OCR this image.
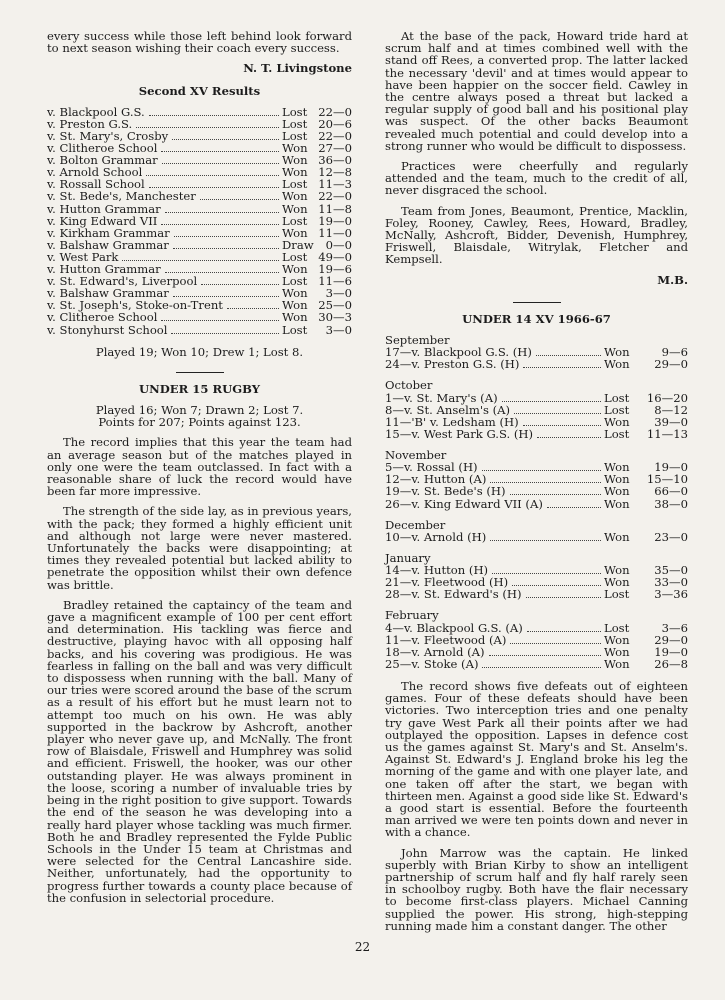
every success while those left behind look forward to next season wishing their coach every success.

N. T. Livingstone

Second XV Results

v. Blackpool G.S.	Lost 22—0
v. Preston G.S.	Lost 20—6
v. St. Mary's, Crosby	Lost 22—0
v. Clitheroe School	Won 27—0
v. Bolton Grammar	Won 36—0
v. Arnold School	Won 12—8
v. Rossall School	Lost 11—3
v. St. Bede's, Manchester	Won 22—0
v. Hutton Grammar	Won 11—8
v. King Edward VII	Lost 19—0
v. Kirkham Grammar	Won 11—0
v. Balshaw Grammar	Draw	0—0
v. West Park	Lost 49—0
v. Hutton Grammar	Won 19—6
v. St. Edward's, Liverpool	Lost 11—6
v. Balshaw Grammar	Won	3—0
v. St. Joseph's, Stoke-on-Trent	Won 25—0
v. Clitheroe School	Won 30—3
v. Stonyhurst School	Lost	3—0

Played 19; Won 10; Drew 1; Lost 8.

UNDER 15 RUGBY

Played 16; Won 7; Drawn 2; Lost 7.

Points for 207; Points against 123.

The record implies that this year the team had an average season but of the matches played in only one were the team outclassed. In fact with a reasonable share of luck the record would have been far more impressive.

The strength of the side lay, as in previous years, with the pack; they formed a highly efficient unit and although not large were never mastered. Unfortunately the backs were disappointing; at times they revealed potential but lacked ability to penetrate the opposition whilst their own defence was brittle.

Bradley retained the captaincy of the team and gave a magnificent example of 100 per cent effort and determination. His tackling was fierce and destructive, playing havoc with all opposing half backs, and his covering was prodigious. He was fearless in falling on the ball and was very difficult to dispossess when running with the ball. Many of our tries were scored around the base of the scrum as a result of his effort but he must learn not to attempt too much on his own. He was ably supported in the backrow by Ashcroft, another player who never gave up, and McNally. The front row of Blaisdale, Friswell and Humphrey was solid and efficient. Friswell, the hooker, was our other outstanding player. He was always prominent in the loose, scoring a number of invaluable tries by being in the right position to give support. Towards the end of the season he was developing into a really hard player whose tackling was much firmer. Both he and Bradley represented the Fylde Public Schools in the Under 15 team at Christmas and were selected for the Central Lancashire side. Neither, unfortunately, had the opportunity to progress further towards a county place because of the confusion in selectorial procedure.

At the base of the pack, Howard tride hard at scrum half and at times combined well with the stand off Rees, a converted prop. The latter lacked the necessary 'devil' and at times would appear to have been happier on the soccer field. Cawley in the centre always posed a threat but lacked a regular supply of good ball and his positional play was suspect. Of the other backs Beaumont revealed much potential and could develop into a strong runner who would be difficult to dispossess.

Practices were cheerfully and regularly attended and the team, much to the credit of all, never disgraced the school.

Team from Jones, Beaumont, Prentice, Macklin, Foley, Rooney, Cawley, Rees, Howard, Bradley, McNally, Ashcroft, Bidder, Devenish, Humphrey, Friswell, Blaisdale, Witrylak, Fletcher and Kempsell.

M.B.

UNDER 14 XV 1966-67

September

17—v. Blackpool G.S. (H)	Won	9—6
24—v. Preston G.S. (H)	Won	29—0

October

1—v. St. Mary's (A)	Lost	16—20
8—v. St. Anselm's (A)	Lost	8—12
11—'B' v. Ledsham (H)	Won	39—0
15—v. West Park G.S. (H)	Lost	11—13

November

5—v. Rossal (H)	Won	19—0
12—v. Hutton (A)	Won	15—10
19—v. St. Bede's (H)	Won	66—0
26—v. King Edward VII (A)	Won	38—0

December

10—v. Arnold (H)	Won	23—0

January

14—v. Hutton (H)	Won	35—0
21—v. Fleetwood (H)	Won	33—0
28—v. St. Edward's (H)	Lost	3—36

February

4—v. Blackpool G.S. (A)	Lost	3—6
11—v. Fleetwood (A)	Won	29—0
18—v. Arnold (A)	Won	19—0
25—v. Stoke (A)	Won	26—8

The record shows five defeats out of eighteen games. Four of these defeats should have been victories. Two interception tries and one penalty try gave West Park all their points after we had outplayed the opposition. Lapses in defence cost us the games against St. Mary's and St. Anselm's. Against St. Edward's J. England broke his leg the morning of the game and with one player late, and one taken off after the start, we began with thirteen men. Against a good side like St. Edward's a good start is essential. Before the fourteenth man arrived we were ten points down and never in with a chance.

John Marrow was the captain. He linked superbly with Brian Kirby to show an intelligent partnership of scrum half and fly half rarely seen in schoolboy rugby. Both have the flair necessary to become first-class players. Michael Canning supplied the power. His strong, high-stepping running made him a constant danger. The other

22
